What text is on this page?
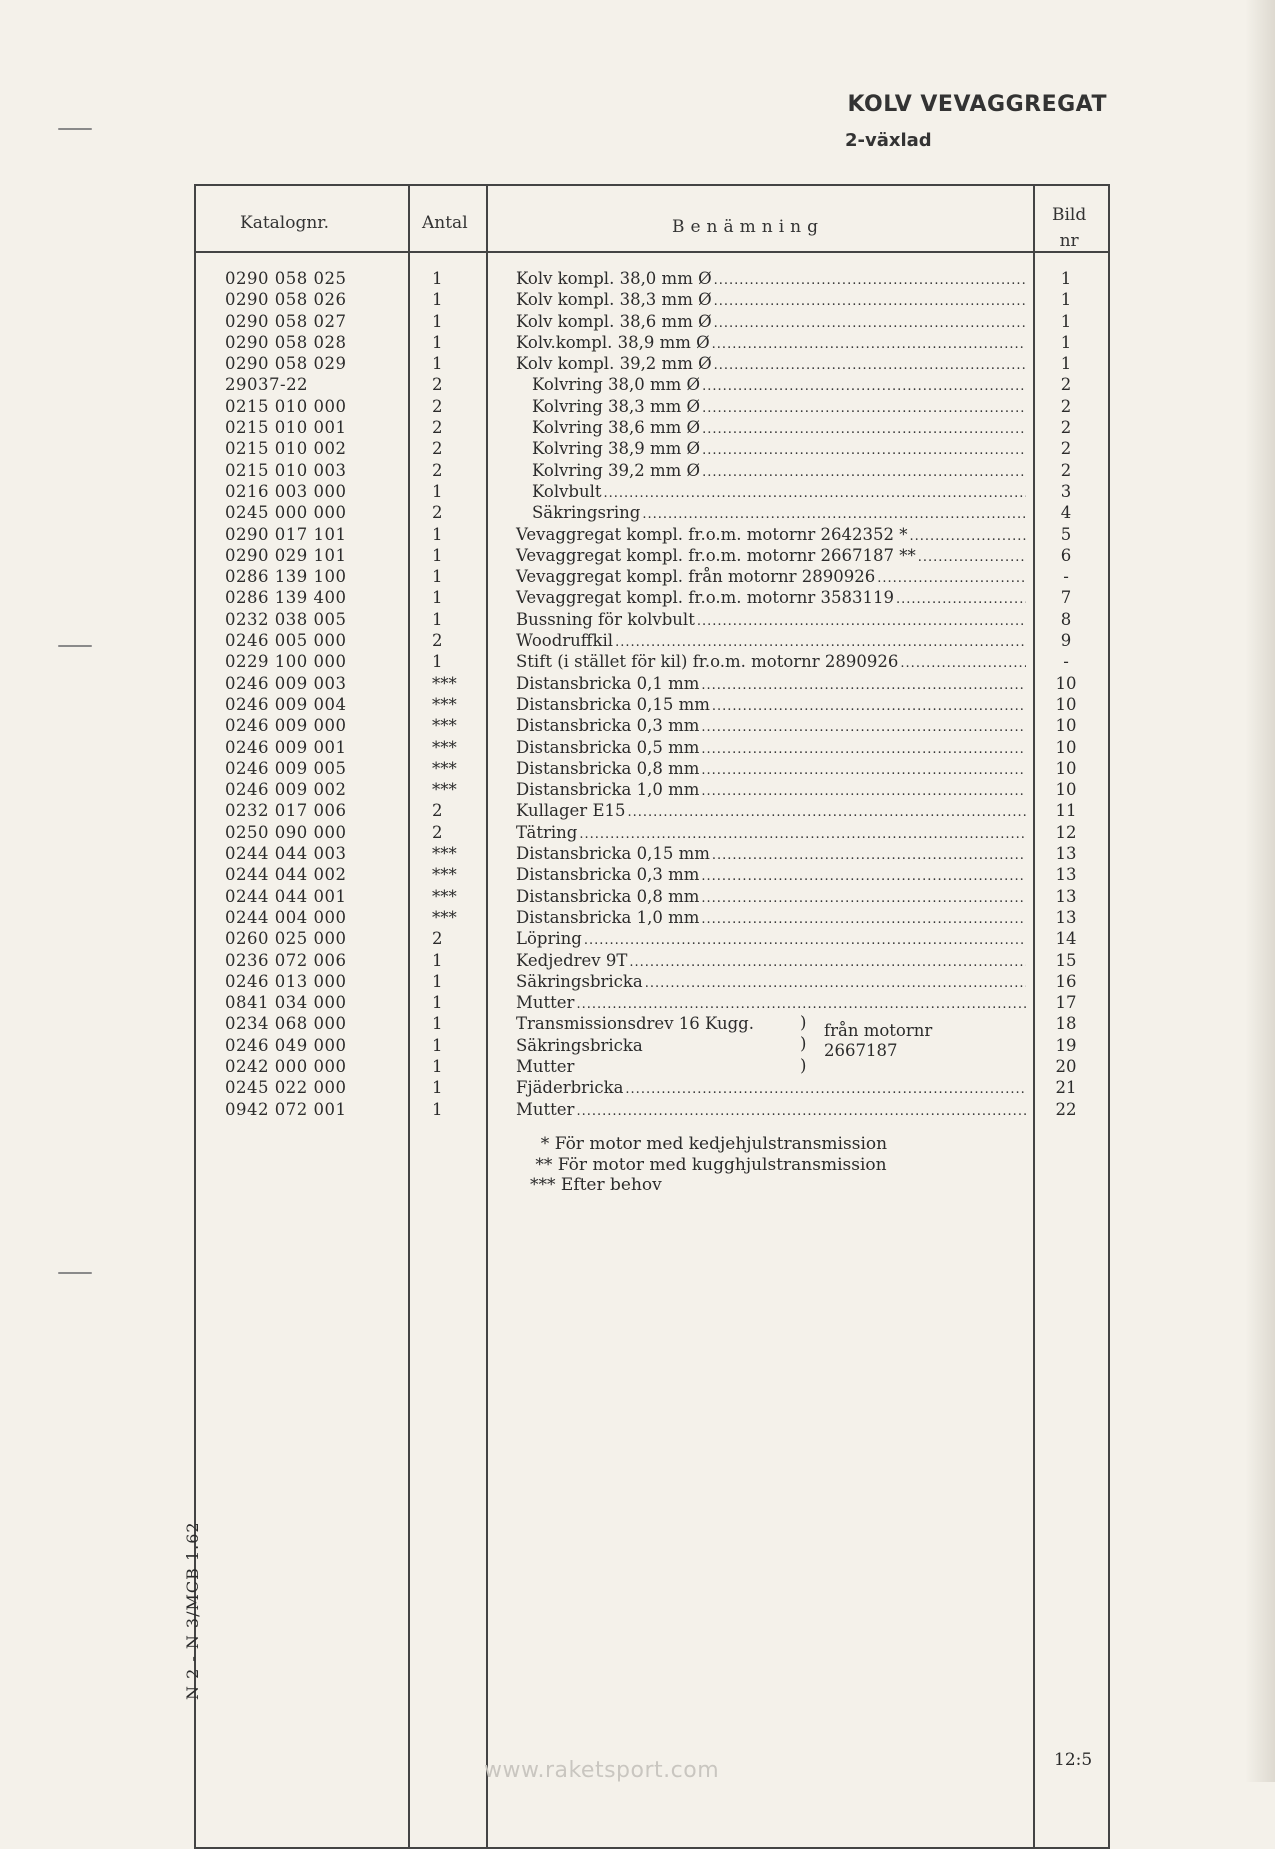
KOLV VEVAGGREGAT
2-växlad
Katalognr.	Antal	Benämning
Bild
nr
0290 058 025	1	Kolv kompl. 38,0 mm Ø .....	1
0290 058 026	1	Kolv kompl. 38,3 mm Ø .....	1
0290 058 027	1	Kolv kompl. 38,6 mm Ø .....	1
0290 058 028	1	Kolv.kompl. 38,9 mm Ø .....	1
0290 058 029	1	Kolv kompl. 39,2 mm Ø .....	1
29037-22	2	Kolvring 38,0 mm Ø .....	2
0215 010 000	2	Kolvring 38,3 mm Ø .....	2
0215 010 001	2	Kolvring 38,6 mm Ø .....	2
0215 010 002	2	Kolvring 38,9 mm Ø .....	2
0215 010 003	2	Kolvring 39,2 mm Ø .....	2
0216 003 000	1	Kolvbult .....	3
0245 000 000	2	Säkringsring .....	4
0290 017 101	1	Vevaggregat kompl. fr.o.m. motornr 2642352 * .....	5
0290 029 101	1	Vevaggregat kompl. fr.o.m. motornr 2667187 ** .....	6
0286 139 100	1	Vevaggregat kompl. från motornr 2890926 .....	-
0286 139 400	1	Vevaggregat kompl. fr.o.m. motornr 3583119 .....	7
0232 038 005	1	Bussning för kolvbult .....	8
0246 005 000	2	Woodruffkil .....	9
0229 100 000	1	Stift (i stället för kil) fr.o.m. motornr 2890926 .....	-
0246 009 003	***	Distansbricka 0,1 mm .....	10
0246 009 004	***	Distansbricka 0,15 mm .....	10
0246 009 000	***	Distansbricka 0,3 mm .....	10
0246 009 001	***	Distansbricka 0,5 mm .....	10
0246 009 005	***	Distansbricka 0,8 mm .....	10
0246 009 002	***	Distansbricka 1,0 mm .....	10
0232 017 006	2	Kullager E15 .....	11
0250 090 000	2	Tätring .....	12
0244 044 003	***	Distansbricka 0,15 mm .....	13
0244 044 002	***	Distansbricka 0,3 mm .....	13
0244 044 001	***	Distansbricka 0,8 mm .....	13
0244 004 000	***	Distansbricka 1,0 mm .....	13
0260 025 000	2	Löpring .....	14
0236 072 006	1	Kedjedrev 9T .....	15
0246 013 000	1	Säkringsbricka .....	16
0841 034 000	1	Mutter .....	17
0234 068 000	1	Transmissionsdrev 16 Kugg.	18
0246 049 000	1	Säkringsbricka	19
0242 000 000	1	Mutter	20
0245 022 000	1	Fjäderbricka .....	21
0942 072 001	1	Mutter .....	22
)
)
)
från motornr
2667187
* För motor med kedjehjulstransmission
** För motor med kugghjulstransmission
*** Efter behov
N 2 - N 3/MCB 1.62
12:5
www.raketsport.com
